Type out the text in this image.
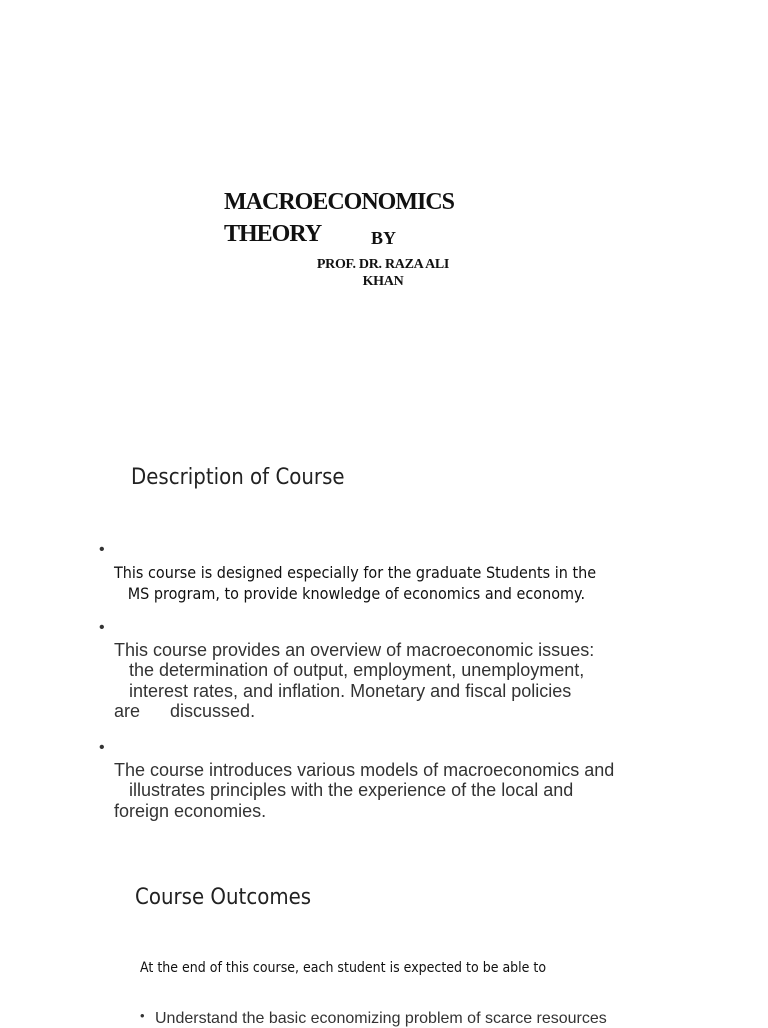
MACROECONOMICS
THEORY	BY
PROF. DR. RAZA ALI
KHAN
Description of Course
•

This course is designed especially for the graduate Students in the
MS program, to provide knowledge of economics and economy.

•

This course provides an overview of macroeconomic issues:
the determination of output, employment, unemployment,
interest rates, and inflation. Monetary and fiscal policies
are      discussed.

•

The course introduces various models of macroeconomics and
illustrates principles with the experience of the local and
foreign economies.

Course Outcomes
At the end of this course, each student is expected to be able to
• Understand the basic economizing problem of scarce resources
